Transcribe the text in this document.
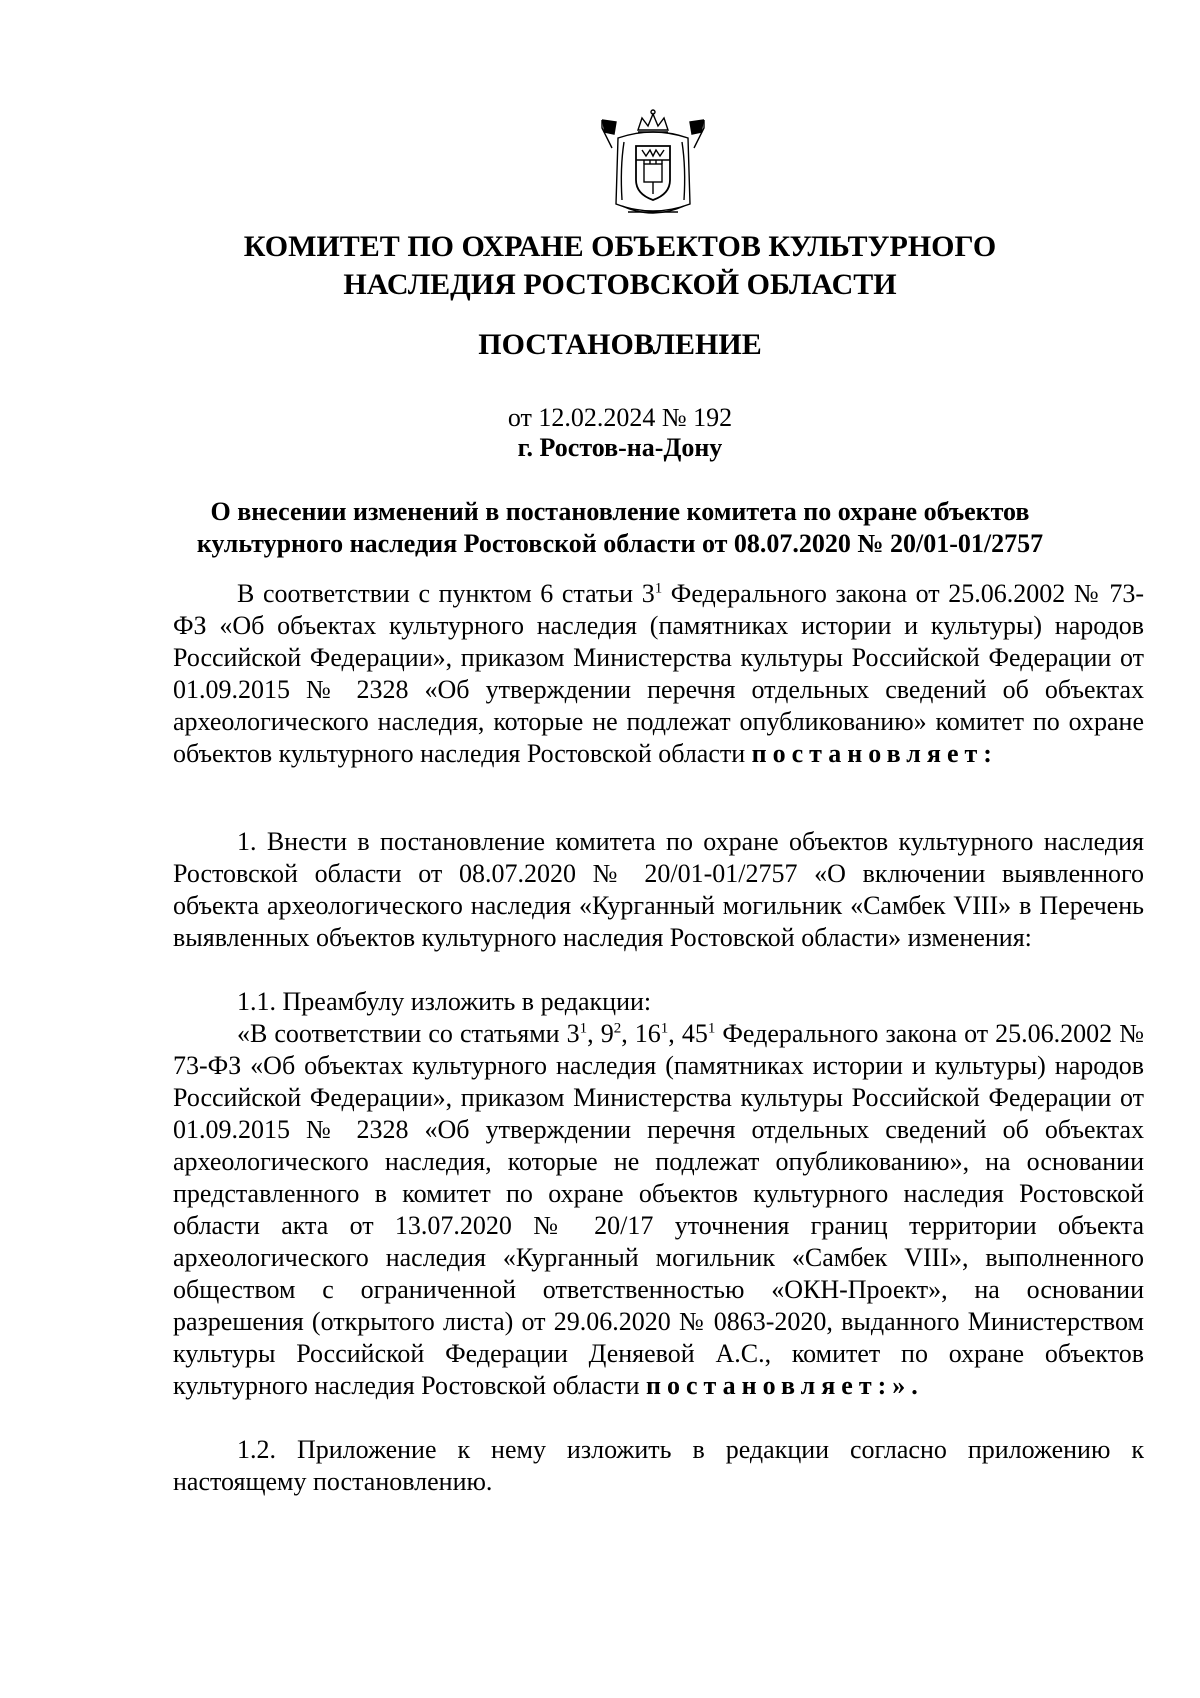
КОМИТЕТ ПО ОХРАНЕ ОБЪЕКТОВ КУЛЬТУРНОГО НАСЛЕДИЯ РОСТОВСКОЙ ОБЛАСТИ
ПОСТАНОВЛЕНИЕ
от 12.02.2024 № 192
г. Ростов-на-Дону
О внесении изменений в постановление комитета по охране объектов культурного наследия Ростовской области от 08.07.2020 № 20/01-01/2757

В соответствии с пунктом 6 статьи $3^1$ Федерального закона от 25.06.2002 № 73-ФЗ «Об объектах культурного наследия (памятниках истории и культуры) народов Российской Федерации», приказом Министерства культуры Российской Федерации от 01.09.2015 № 2328 «Об утверждении перечня отдельных сведений об объектах археологического наследия, которые не подлежат опубликованию» комитет по охране объектов культурного наследия Ростовской области постановляет:

1. Внести в постановление комитета по охране объектов культурного наследия Ростовской области от 08.07.2020 № 20/01-01/2757 «О включении выявленного объекта археологического наследия «Курганный могильник «Самбек VIII» в Перечень выявленных объектов культурного наследия Ростовской области» изменения:

1.1. Преамбулу изложить в редакции:

«В соответствии со статьями $3^1$, $9^2$, $16^1$, $45^1$ Федерального закона от 25.06.2002 № 73-ФЗ «Об объектах культурного наследия (памятниках истории и культуры) народов Российской Федерации», приказом Министерства культуры Российской Федерации от 01.09.2015 № 2328 «Об утверждении перечня отдельных сведений об объектах археологического наследия, которые не подлежат опубликованию», на основании представленного в комитет по охране объектов культурного наследия Ростовской области акта от 13.07.2020 № 20/17 уточнения границ территории объекта археологического наследия «Курганный могильник «Самбек VIII», выполненного обществом с ограниченной ответственностью «ОКН-Проект», на основании разрешения (открытого листа) от 29.06.2020 № 0863-2020, выданного Министерством культуры Российской Федерации Деняевой А.С., комитет по охране объектов культурного наследия Ростовской области постановляет:».

1.2. Приложение к нему изложить в редакции согласно приложению к настоящему постановлению.
